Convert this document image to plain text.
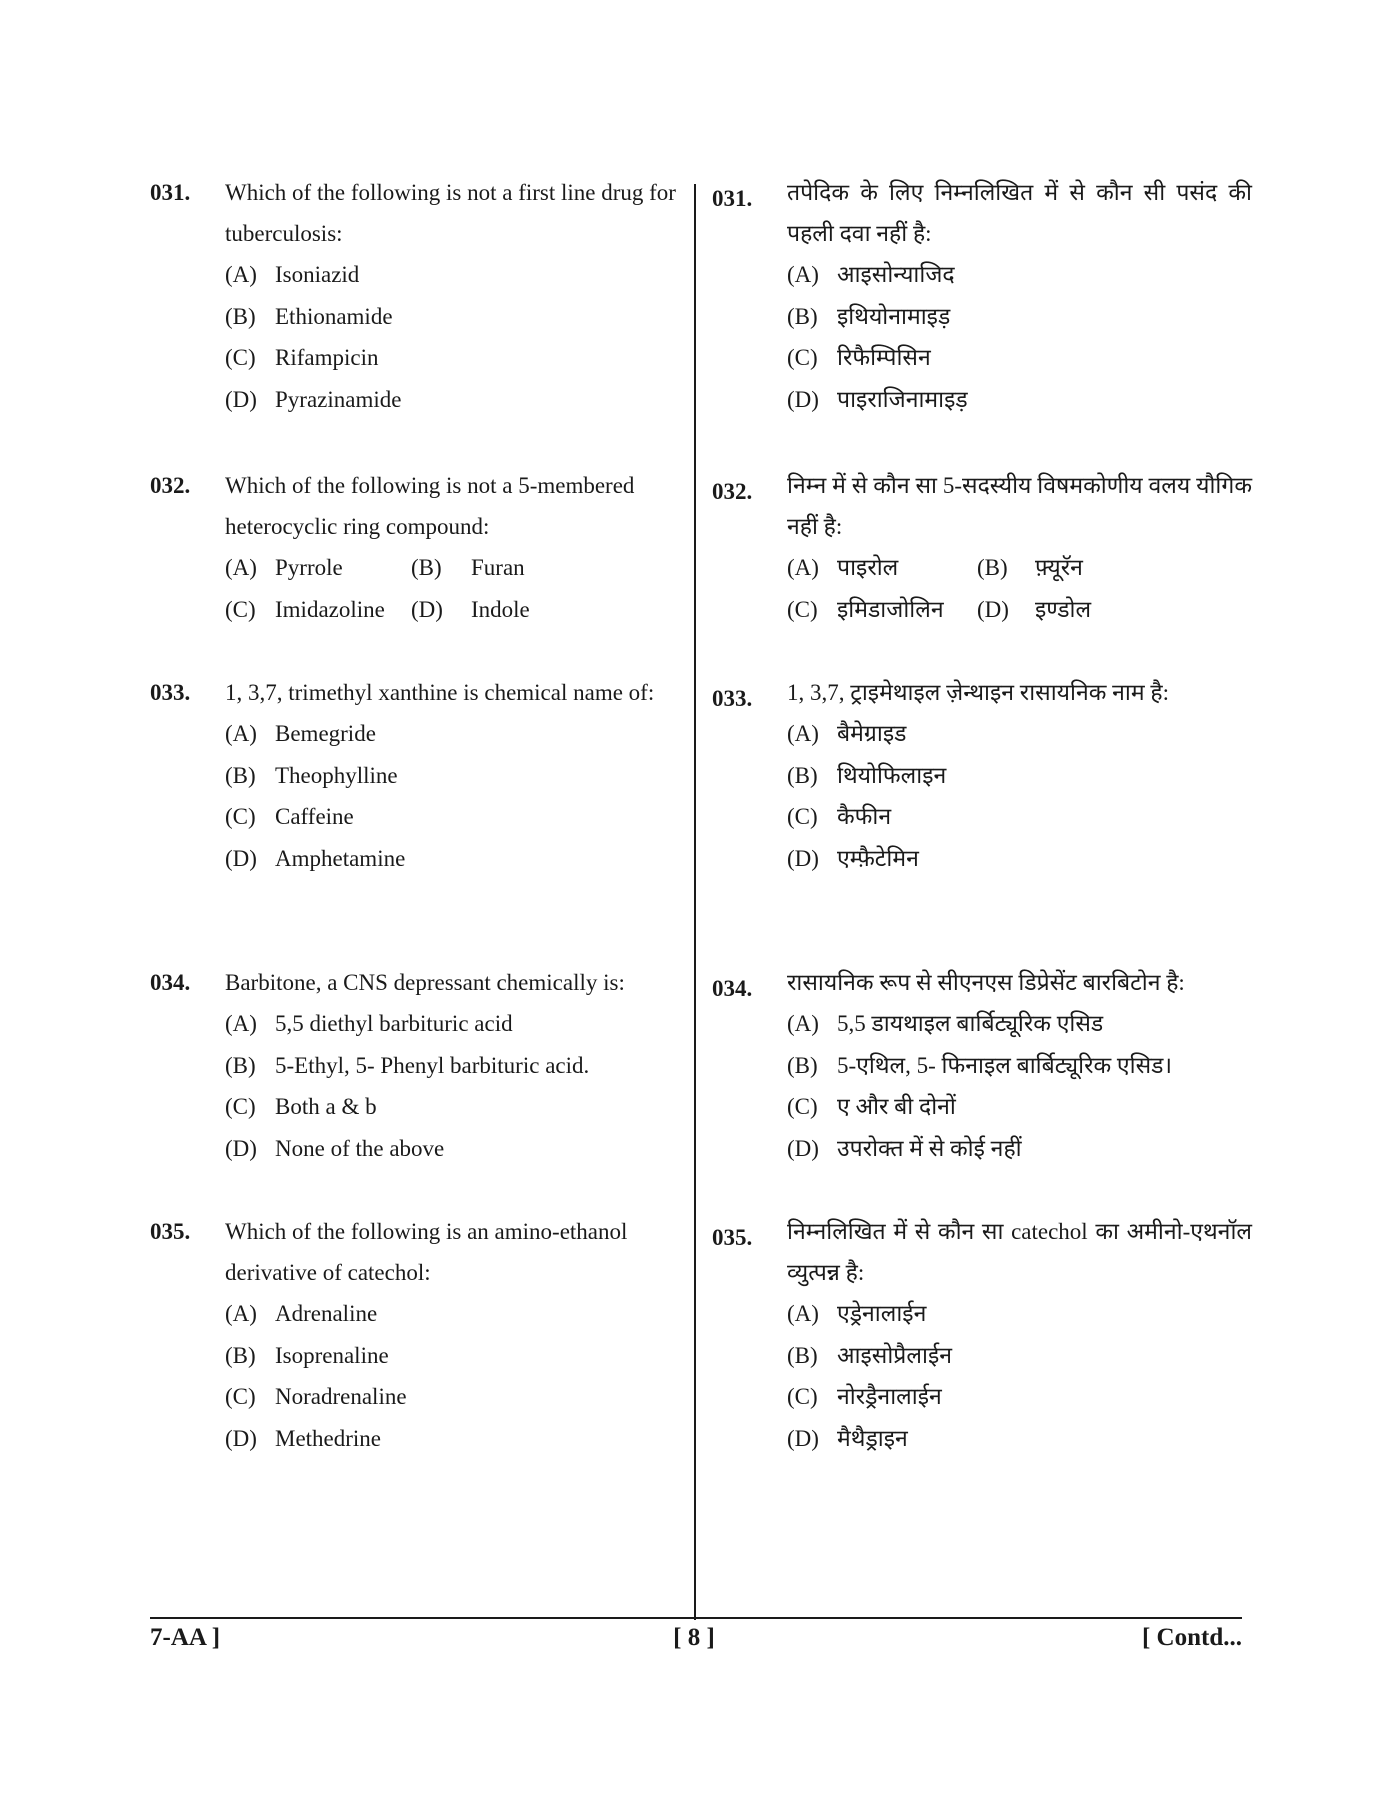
031.	Which of the following is not a first line drug for tuberculosis:
(A) Isoniazid
(B) Ethionamide
(C) Rifampicin
(D) Pyrazinamide
032.	Which of the following is not a 5-membered heterocyclic ring compound:
(A) Pyrrole	(B)	Furan
(C) Imidazoline	(D)	Indole
033.	1, 3,7, trimethyl xanthine is chemical name of:
(A) Bemegride
(B) Theophylline
(C) Caffeine
(D) Amphetamine
034.	Barbitone, a CNS depressant chemically is:
(A) 5,5 diethyl barbituric acid
(B) 5-Ethyl, 5- Phenyl barbituric acid.
(C) Both a & b
(D) None of the above
035.	Which of the following is an amino-ethanol derivative of catechol:
(A) Adrenaline
(B) Isoprenaline
(C) Noradrenaline
(D) Methedrine
031.	तपेदिक के लिए निम्नलिखित में से कौन सी पसंद की पहली दवा नहीं है:
(A) आइसोन्याजिद
(B) इथियोनामाइड़
(C) रिफैम्पिसिन
(D) पाइराजिनामाइड़
032.	निम्न में से कौन सा 5-सदस्यीय विषमकोणीय वलय यौगिक नहीं है:
(A) पाइरोल	(B)	फ़्यूरॅन
(C) इमिडाजोलिन	(D)	इण्डोल
033.	1, 3,7, ट्राइमेथाइल ज़ेन्थाइन रासायनिक नाम है:
(A) बैमेग्राइड
(B) थियोफिलाइन
(C) कैफीन
(D) एम्फ़ैटेमिन
034.	रासायनिक रूप से सीएनएस डिप्रेसेंट बारबिटोन है:
(A) 5,5 डायथाइल बार्बिट्यूरिक एसिड
(B) 5-एथिल, 5- फिनाइल बार्बिट्यूरिक एसिड।
(C) ए और बी दोनों
(D) उपरोक्त में से कोई नहीं
035.	निम्नलिखित में से कौन सा catechol का अमीनो-एथनॉल व्युत्पन्न है:
(A) एड्रेनालाईन
(B) आइसोप्रैलाईन
(C) नोरड्रैनालाईन
(D) मैथैड्राइन
7-AA ]	[ 8 ]	[ Contd...
